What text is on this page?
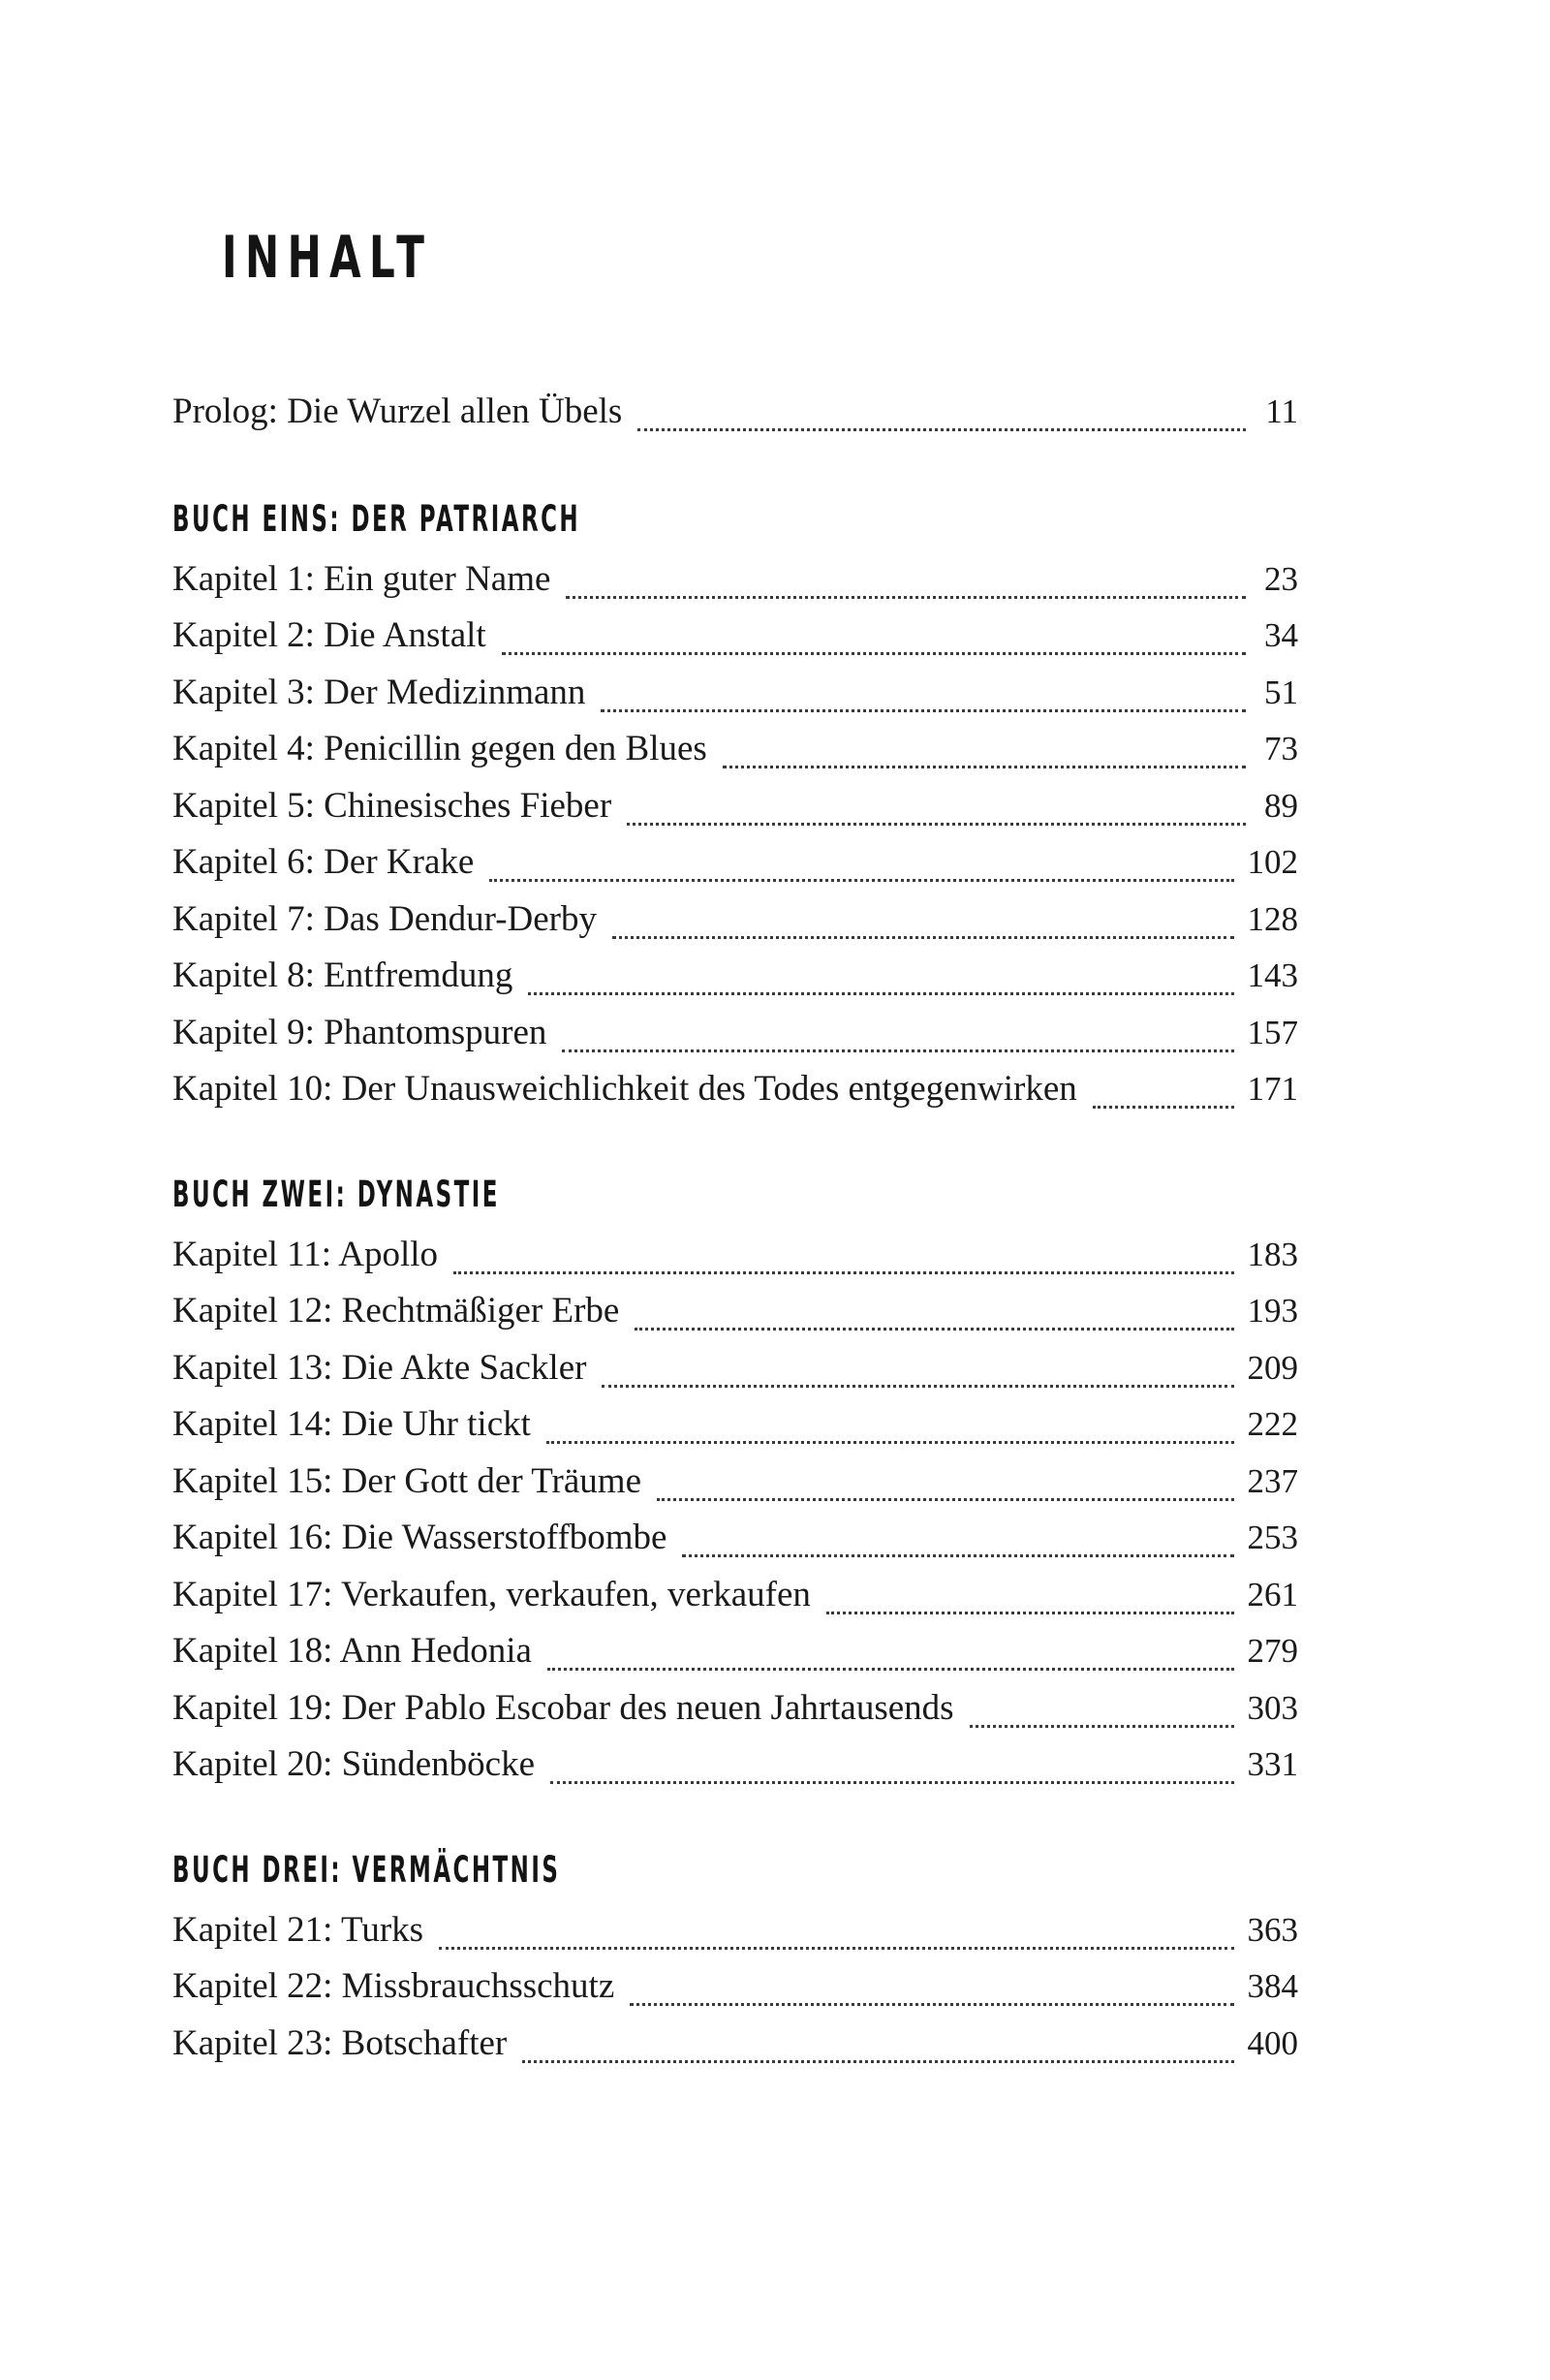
INHALT
Prolog: Die Wurzel allen Übels	11
BUCH EINS: DER PATRIARCH
Kapitel 1: Ein guter Name	23
Kapitel 2: Die Anstalt	34
Kapitel 3: Der Medizinmann	51
Kapitel 4: Penicillin gegen den Blues	73
Kapitel 5: Chinesisches Fieber	89
Kapitel 6: Der Krake	102
Kapitel 7: Das Dendur-Derby	128
Kapitel 8: Entfremdung	143
Kapitel 9: Phantomspuren	157
Kapitel 10: Der Unausweichlichkeit des Todes entgegenwirken	171
BUCH ZWEI: DYNASTIE
Kapitel 11: Apollo	183
Kapitel 12: Rechtmäßiger Erbe	193
Kapitel 13: Die Akte Sackler	209
Kapitel 14: Die Uhr tickt	222
Kapitel 15: Der Gott der Träume	237
Kapitel 16: Die Wasserstoffbombe	253
Kapitel 17: Verkaufen, verkaufen, verkaufen	261
Kapitel 18: Ann Hedonia	279
Kapitel 19: Der Pablo Escobar des neuen Jahrtausends	303
Kapitel 20: Sündenböcke	331
BUCH DREI: VERMÄCHTNIS
Kapitel 21: Turks	363
Kapitel 22: Missbrauchsschutz	384
Kapitel 23: Botschafter	400
